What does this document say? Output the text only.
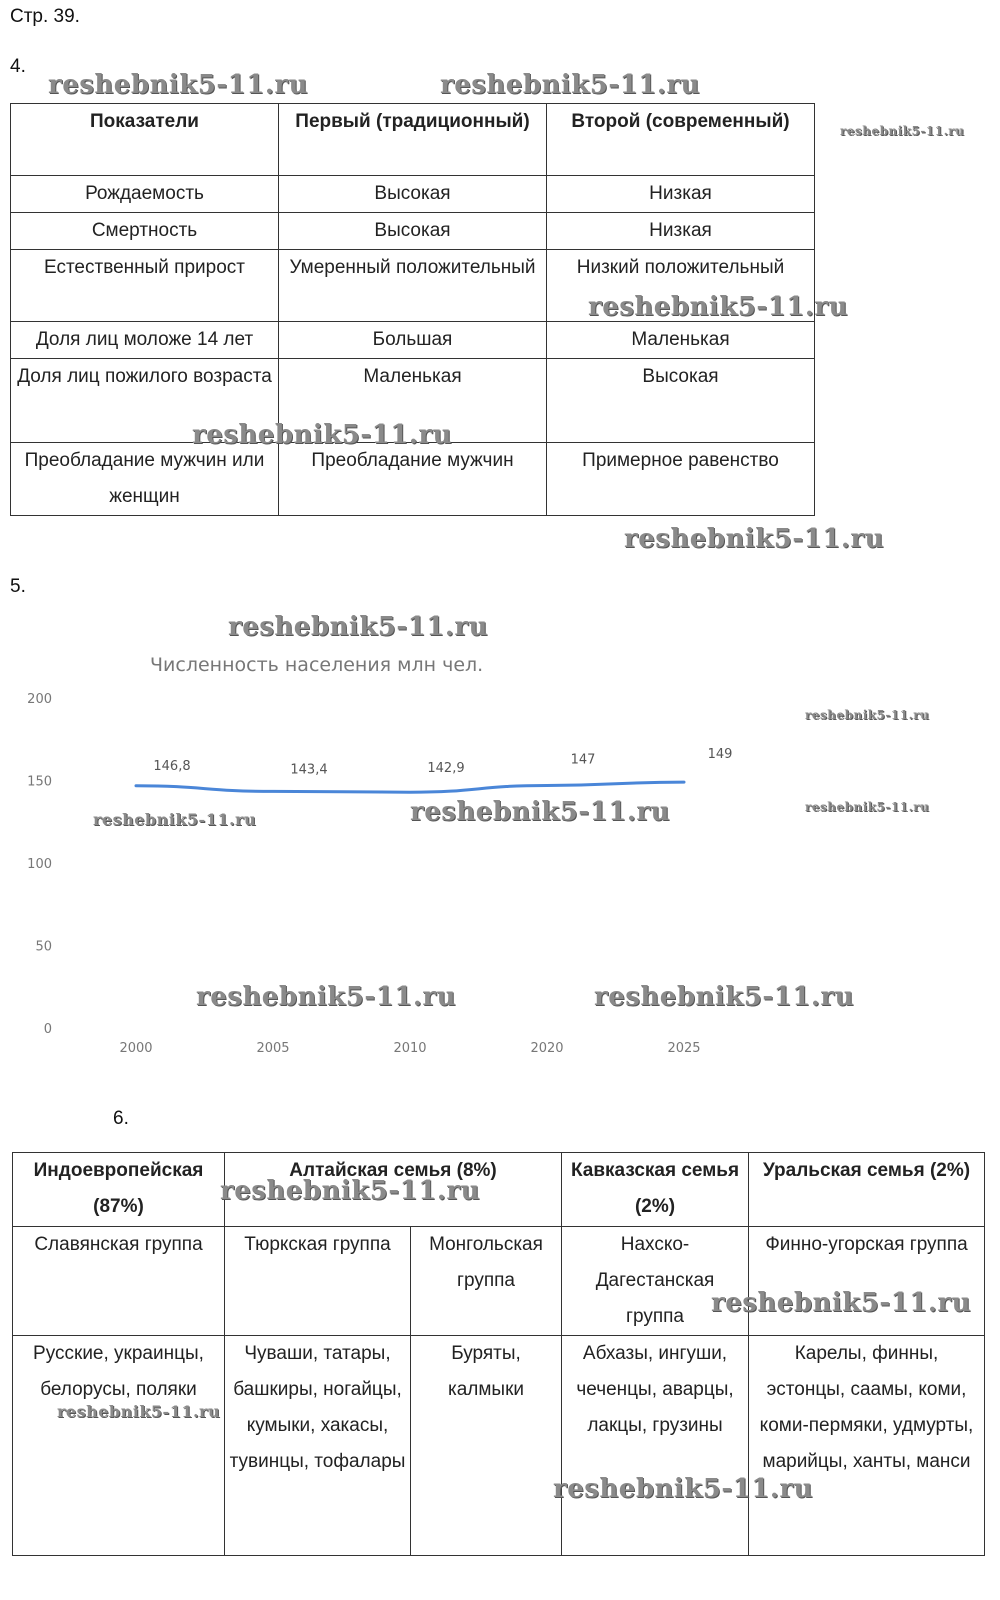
Стр. 39.
4.
Показатели	Первый (традиционный)	Второй (современный)
Рождаемость	Высокая	Низкая
Смертность	Высокая	Низкая
Естественный прирост	Умеренный положительный	Низкий положительный
Доля лиц моложе 14 лет	Большая	Маленькая
Доля лиц пожилого возраста	Маленькая	Высокая
Преобладание мужчин или женщин	Преобладание мужчин	Примерное равенство
5.
Численность населения млн чел.
0
50
100
150
200
2000	2005	2010	2020	2025
146,8	143,4	142,9
147	149
6.
Индоевропейская (87%)	Алтайская семья (8%)		Кавказская семья (2%)	Уральская семья (2%)
Славянская группа	Тюркская группа	Монгольская группа	Нахско-Дагестанская группа	Финно-угорская группа
Русские, украинцы, белорусы, поляки	Чуваши, татары, башкиры, ногайцы, кумыки, хакасы, тувинцы, тофалары	Буряты, калмыки	Абхазы, ингуши, чеченцы, аварцы, лакцы, грузины	Карелы, финны, эстонцы, саамы, коми, коми-пермяки, удмурты, марийцы, ханты, манси
reshebnik5-11.ru	reshebnik5-11.ru
reshebnik5-11.ru
reshebnik5-11.ru
reshebnik5-11.ru
reshebnik5-11.ru
reshebnik5-11.ru
reshebnik5-11.ru
reshebnik5-11.ru	reshebnik5-11.ru	reshebnik5-11.ru
reshebnik5-11.ru	reshebnik5-11.ru
reshebnik5-11.ru
reshebnik5-11.ru
reshebnik5-11.ru
reshebnik5-11.ru
